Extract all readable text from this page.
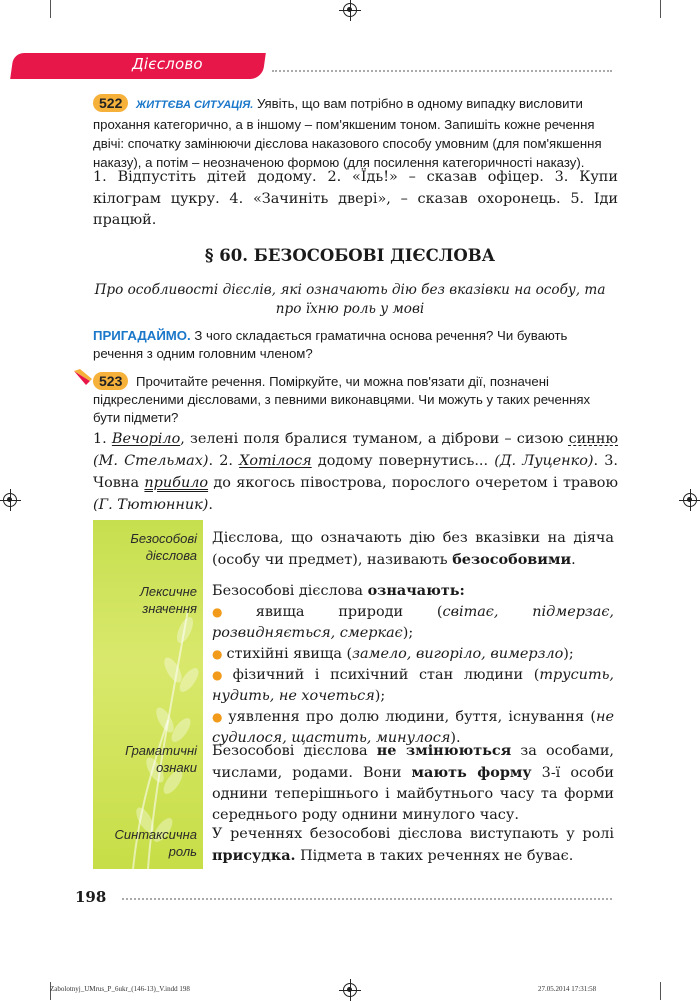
Дієслово
522 ЖИТТЄВА СИТУАЦІЯ. Уявіть, що вам потрібно в одному випадку висловити прохання категорично, а в іншому – пом'якшеним тоном. Запишіть кожне речення двічі: спочатку замінюючи дієслова наказового способу умовним (для пом'якшення наказу), а потім – неозначеною формою (для посилення категоричності наказу).
1. Відпустіть дітей додому. 2. «Їдь!» – сказав офіцер. 3. Купи кілограм цукру. 4. «Зачиніть двері», – сказав охоронець. 5. Іди працюй.
§ 60. БЕЗОСОБОВІ ДІЄСЛОВА
Про особливості дієслів, які означають дію без вказівки на особу, та про їхню роль у мові
ПРИГАДАЙМО. З чого складається граматична основа речення? Чи бувають речення з одним головним членом?
523 Прочитайте речення. Поміркуйте, чи можна пов'язати дії, позначені підкресленими дієсловами, з певними виконавцями. Чи можуть у таких реченнях бути підмети?
1. Вечоріло, зелені поля бралися туманом, а діброви – сизою синню (М. Стельмах). 2. Хотілося додому повернутись... (Д. Луценко). 3. Човна прибило до якогось півострова, порослого очеретом і травою (Г. Тютюнник).
Безособові дієслова
Лексичне значення
Граматичні ознаки
Синтаксична роль
Дієслова, що означають дію без вказівки на діяча (особу чи предмет), називають безособовими.
Безособові дієслова означають:
● явища природи (світає, підмерзає, розвидняється, смеркає);
● стихійні явища (замело, вигоріло, вимерзло);
● фізичний і психічний стан людини (трусить, нудить, не хочеться);
● уявлення про долю людини, буття, існування (не судилося, щастить, минулося).
Безособові дієслова не змінюються за особами, числами, родами. Вони мають форму 3-ї особи однини теперішнього і майбутнього часу та форми середнього роду однини минулого часу.
У реченнях безособові дієслова виступають у ролі присудка. Підмета в таких реченнях не буває.
198
Zabolotnyj_UMrus_P_6ukr_(146-13)_V.indd 198	27.05.2014 17:31:58
